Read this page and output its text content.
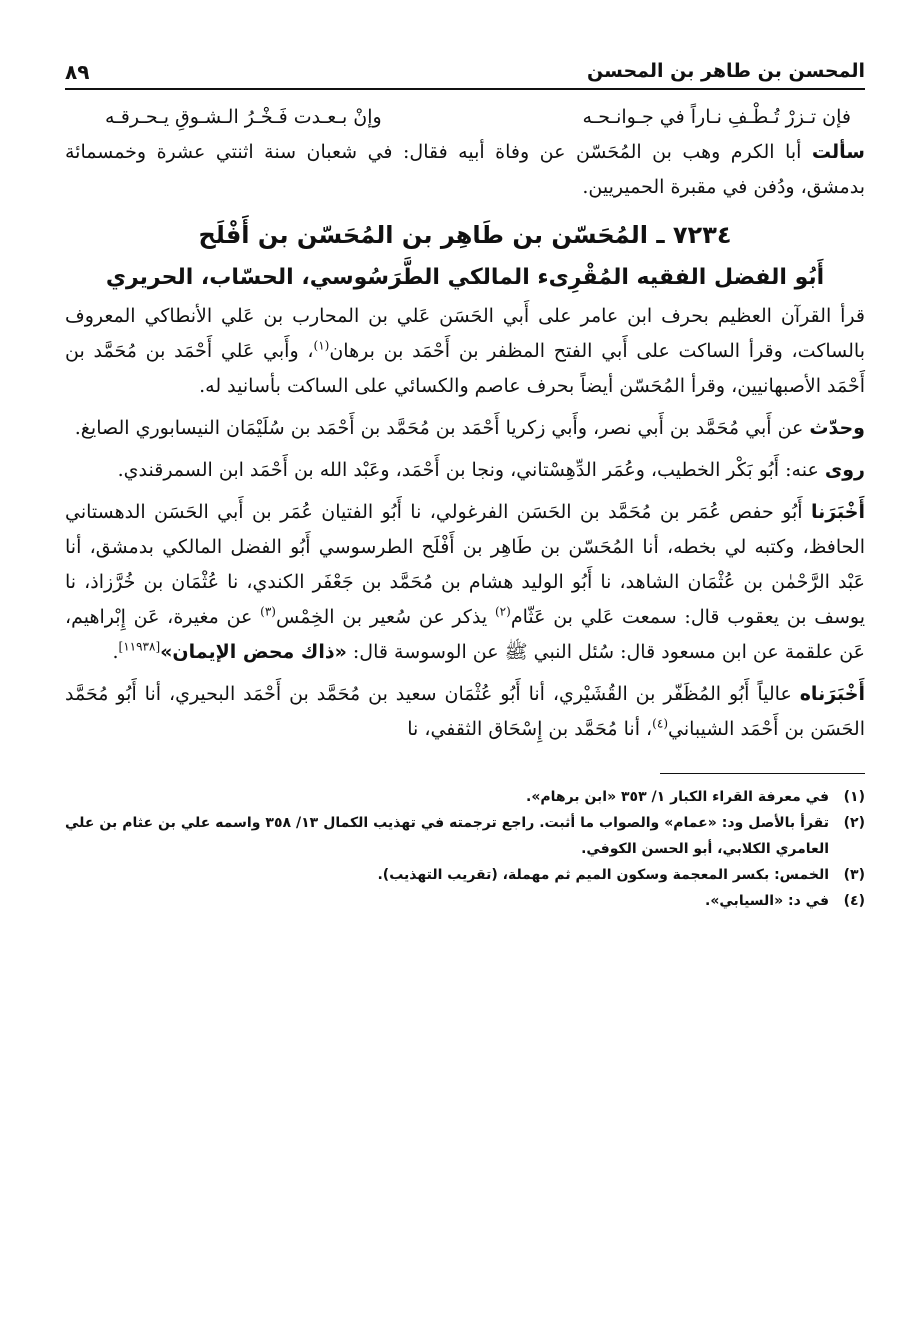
المحسن بن طاهر بن المحسن
٨٩
فإن تـزرْ تُـطْـفِ نـاراً في جـوانـحـه
وإنْ بـعـدت فَـخْـرُ الـشـوقِ يـحـرقـه

سألت أبا الكرم وهب بن المُحَسّن عن وفاة أبيه فقال: في شعبان سنة اثنتي عشرة وخمسمائة بدمشق، ودُفن في مقبرة الحميريين.

٧٢٣٤ ـ المُحَسّن بن طَاهِر بن المُحَسّن بن أَفْلَح
أَبُو الفضل الفقيه المُقْرِىء المالكي الطَّرَسُوسي، الحسّاب، الحريري

قرأ القرآن العظيم بحرف ابن عامر على أَبي الحَسَن عَلي بن المحارب بن عَلي الأنطاكي المعروف بالساكت، وقرأ الساكت على أَبي الفتح المظفر بن أَحْمَد بن برهان$^{(١)}$، وأَبي عَلي أَحْمَد بن مُحَمَّد بن أَحْمَد الأصبهانيين، وقرأ المُحَسّن أيضاً بحرف عاصم والكسائي على الساكت بأسانيد له.

وحدّث عن أَبي مُحَمَّد بن أَبي نصر، وأَبي زكريا أَحْمَد بن مُحَمَّد بن أَحْمَد بن سُلَيْمَان النيسابوري الصايغ.

روى عنه: أَبُو بَكْر الخطيب، وعُمَر الدِّهِسْتاني، ونجا بن أَحْمَد، وعَبْد الله بن أَحْمَد ابن السمرقندي.

أَخْبَرَنا أَبُو حفص عُمَر بن مُحَمَّد بن الحَسَن الفرغولي، نا أَبُو الفتيان عُمَر بن أَبي الحَسَن الدهستاني الحافظ، وكتبه لي بخطه، أنا المُحَسّن بن طَاهِر بن أَفْلَح الطرسوسي أَبُو الفضل المالكي بدمشق، أنا عَبْد الرَّحْمٰن بن عُثْمَان الشاهد، نا أَبُو الوليد هشام بن مُحَمَّد بن جَعْفَر الكندي، نا عُثْمَان بن خُرَّزاذ، نا يوسف بن يعقوب قال: سمعت عَلي بن عَثّام$^{(٢)}$ يذكر عن سُعير بن الخِمْس$^{(٣)}$ عن مغيرة، عَن إِبْراهيم، عَن علقمة عن ابن مسعود قال: سُئل النبي ﷺ عن الوسوسة قال: «ذاك محض الإيمان»[١١٩٣٨].

أَخْبَرَناه عالياً أَبُو المُظَفّر بن القُشَيْري، أنا أَبُو عُثْمَان سعيد بن مُحَمَّد بن أَحْمَد البحيري، أنا أَبُو مُحَمَّد الحَسَن بن أَحْمَد الشيباني$^{(٤)}$، أنا مُحَمَّد بن إِسْحَاق الثقفي، نا

(١)
في معرفة القراء الكبار ١/ ٣٥٣ «ابن برهام».
(٢)
تقرأ بالأصل ود: «عمام» والصواب ما أثبت. راجع ترجمته في تهذيب الكمال ١٣/ ٣٥٨ واسمه علي بن عثام بن علي العامري الكلابي، أبو الحسن الكوفي.
(٣)
الخمس: بكسر المعجمة وسكون الميم ثم مهملة، (تقريب التهذيب).
(٤)
في د: «السيابي».
